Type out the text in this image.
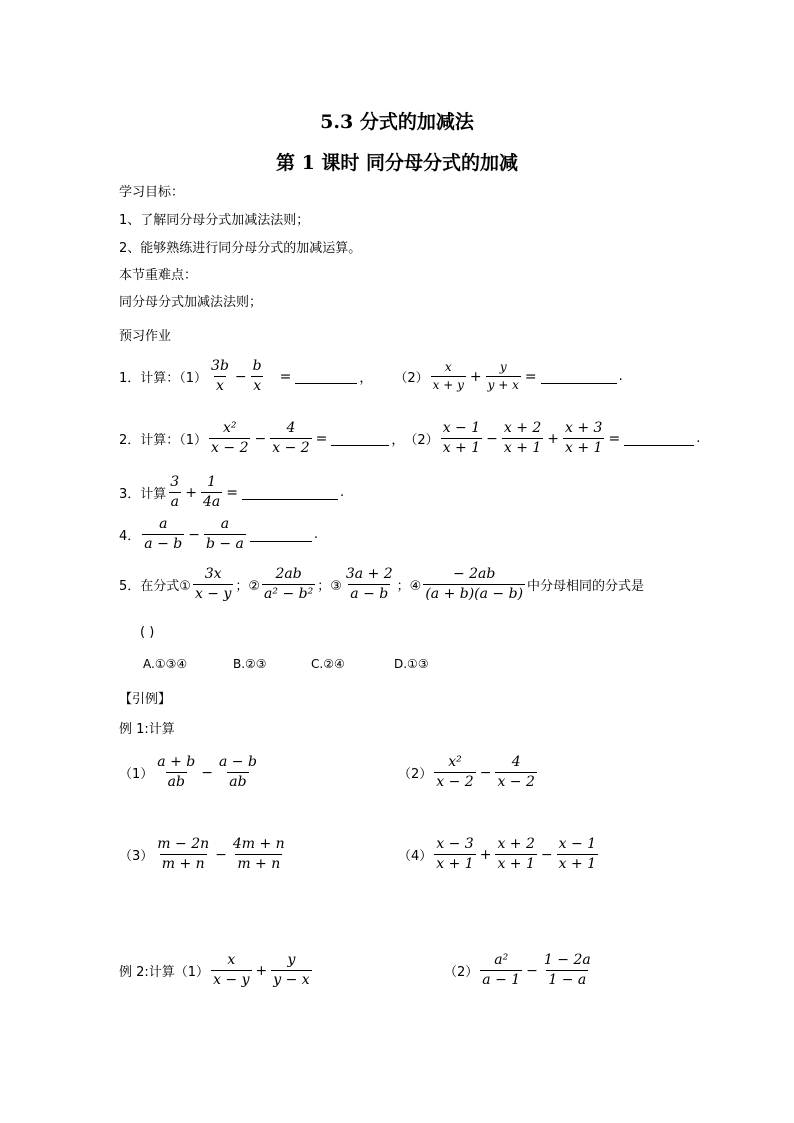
5.3 分式的加减法
第 1 课时 同分母分式的加减
学习目标：
1、了解同分母分式加减法法则；
2、能够熟练进行同分母分式的加减运算。
本节重难点：
同分母分式加减法法则；
预习作业
1．计算：$(1) \frac{3b}{x} - \frac{b}{x}$ =	， $(2) \frac{x}{x + y} + \frac{y}{y + x}$ =	.
2．计算：$(1) \frac{\text{x²}}{x - 2} - \frac{4}{x - 2}$ =	， $(2) \frac{x - 1}{x + 1} - \frac{x + 2}{x + 1} + \frac{x + 3}{x + 1}$ =	.
3．计算 $\frac{3}{a} + \frac{1}{4a}$ =	.
4． $\frac{a}{a - b} - \frac{a}{b - a}$	.
5．在分式① $\frac{3x}{x - y}$ ；② $\frac{2ab}{\text{a² − b²}}$ ；③ $\frac{3a + 2}{a - b}$ ；④ $\frac{- 2ab}{(a + b)(a - b)}$ 中分母相同的分式是
( )
A.①③④	B.②③	C.②④	D.①③
【引例】
例 1:计算
$(1) \frac{a + b}{ab} - \frac{a - b}{ab}$	$(2) \frac{\text{x²}}{x - 2} - \frac{4}{x - 2}$
$(3) \frac{m - 2n}{m + n} - \frac{4m + n}{m + n}$	$(4) \frac{x - 3}{x + 1} + \frac{x + 2}{x + 1} - \frac{x - 1}{x + 1}$
例 2:计算$(1) \frac{x}{x - y} + \frac{y}{y - x}$	$(2) \frac{\text{a²}}{a - 1} - \frac{1 - 2a}{1 - a}$
